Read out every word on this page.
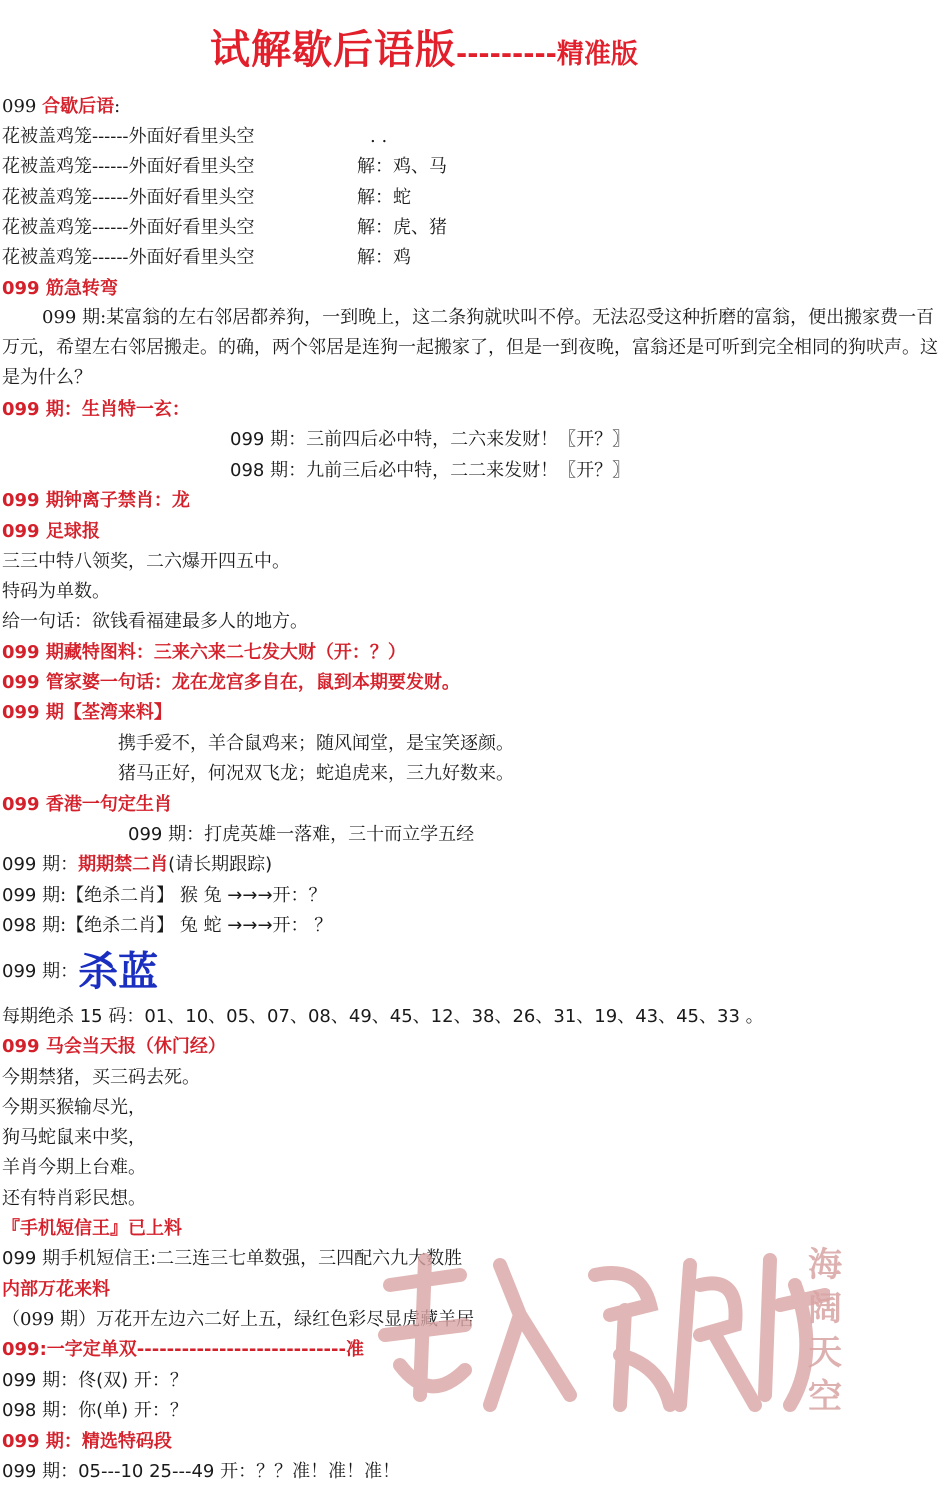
试解歇后语版---------精准版
099 合歇后语:
花被盖鸡笼------外面好看里头空	. .
花被盖鸡笼------外面好看里头空	解：鸡、马
花被盖鸡笼------外面好看里头空	解：蛇
花被盖鸡笼------外面好看里头空	解：虎、猪
花被盖鸡笼------外面好看里头空	解：鸡
099 筋急转弯
099 期:某富翁的左右邻居都养狗，一到晚上，这二条狗就吠叫不停。无法忍受这种折磨的富翁，便出搬家费一百万元，希望左右邻居搬走。的确，两个邻居是连狗一起搬家了，但是一到夜晚，富翁还是可听到完全相同的狗吠声。这是为什么？
099 期：生肖特一玄：
099 期：三前四后必中特，二六来发财！〖开？〗
098 期：九前三后必中特，二二来发财！〖开？〗
099 期钟离子禁肖：龙
099 足球报
三三中特八领奖，二六爆开四五中。
特码为单数。
给一句话：欲钱看福建最多人的地方。
099 期藏特图料：三来六来二七发大财（开：？）
099 管家婆一句话：龙在龙宫多自在，鼠到本期要发财。
099 期【荃湾来料】
携手爱不，羊合鼠鸡来；随风闻堂，是宝笑逐颜。
猪马正好，何况双飞龙；蛇追虎来，三九好数来。
099 香港一句定生肖
099 期：打虎英雄一落难，三十而立学五经
099 期：期期禁二肖(请长期跟踪)
099 期:【绝杀二肖】 猴 兔 →→→开：？
098 期:【绝杀二肖】 兔 蛇 →→→开： ？
099 期：杀蓝
每期绝杀 15 码：01、10、05、07、08、49、45、12、38、26、31、19、43、45、33 。
099 马会当天报（休门经）
今期禁猪，买三码去死。
今期买猴输尽光，
狗马蛇鼠来中奖，
羊肖今期上台难。
还有特肖彩民想。
『手机短信王』已上料
099 期手机短信王:二三连三七单数强，三四配六九大数胜
内部万花来料
（099 期）万花开左边六二好上五，绿红色彩尽显虎藏羊居
099:一字定单双----------------------------准
099 期：佟(双) 开：？
098 期：你(单) 开：？
099 期：精选特码段
099 期：05---10 25---49 开：？？准！准！准！
海
阔
天
空
